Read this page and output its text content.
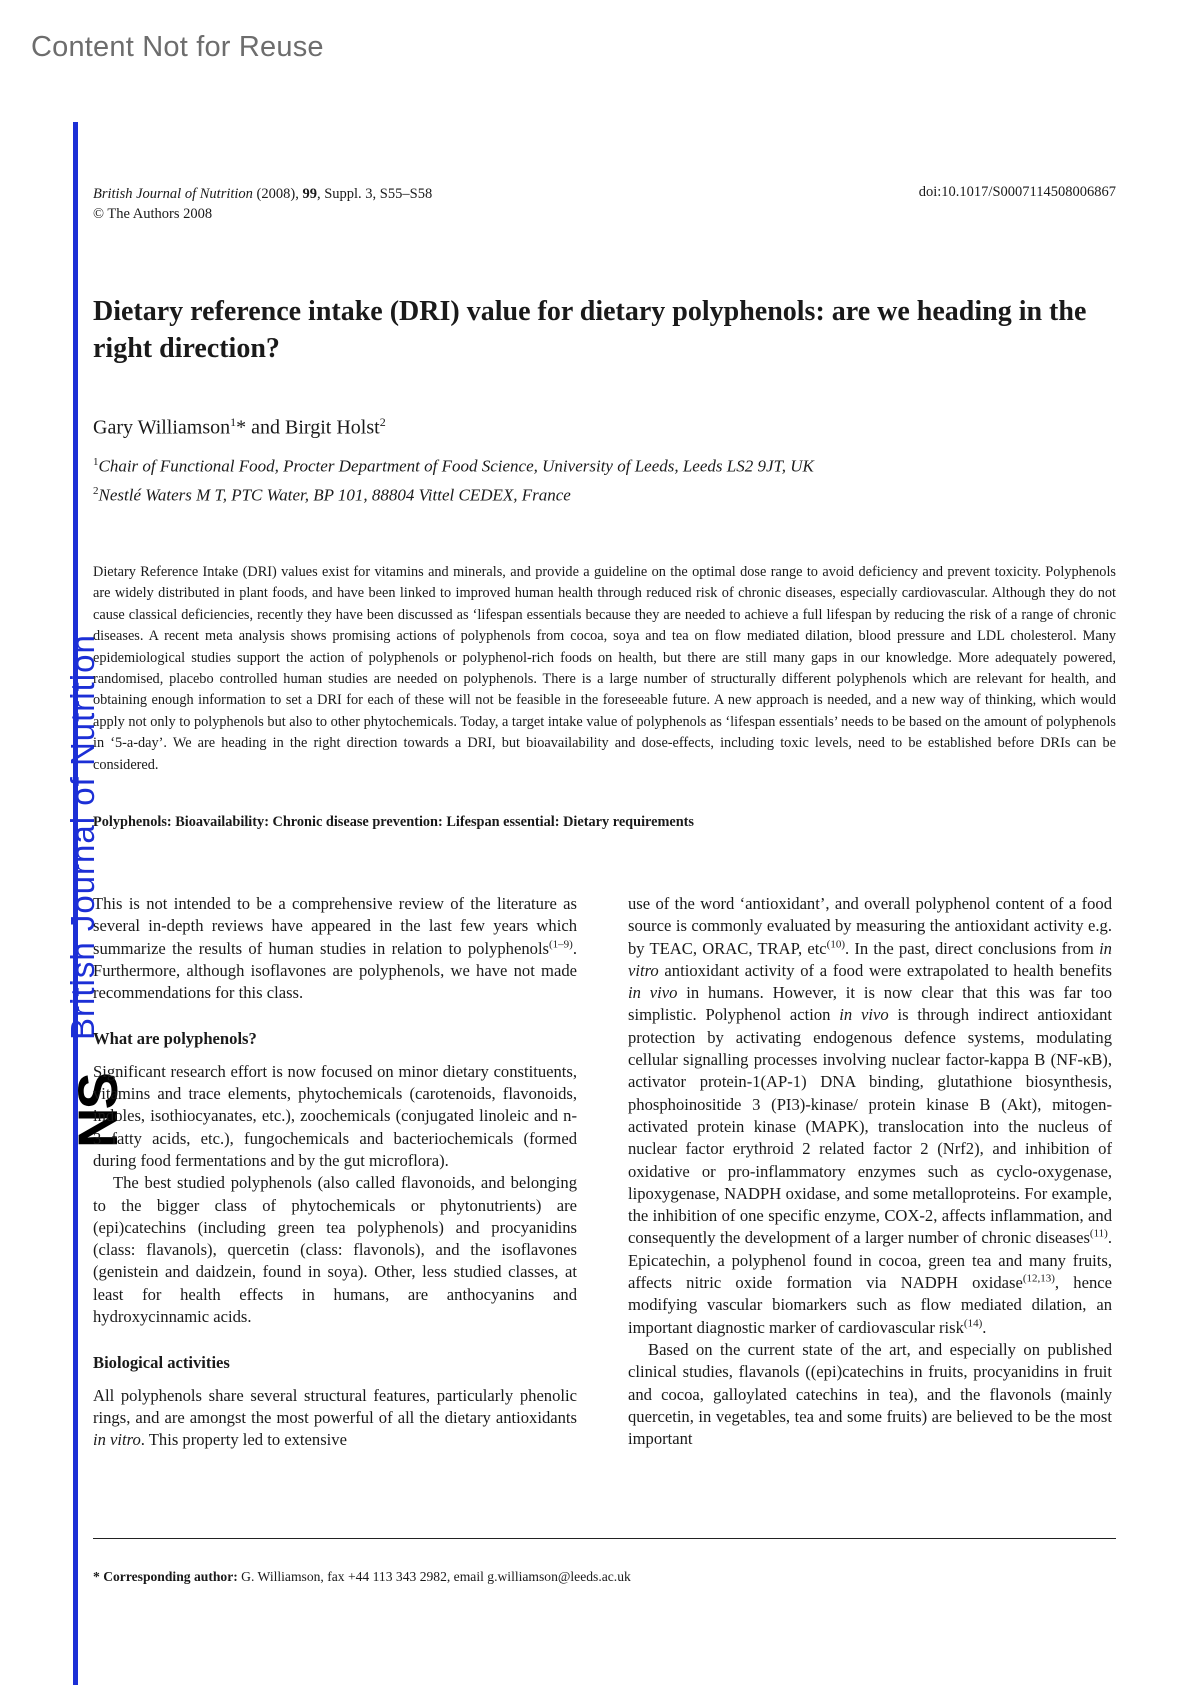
Content Not for Reuse
British Journal of Nutrition
NS
British Journal of Nutrition (2008), 99, Suppl. 3, S55–S58
© The Authors 2008
doi:10.1017/S0007114508006867
Dietary reference intake (DRI) value for dietary polyphenols: are we heading in the right direction?
Gary Williamson$^1$* and Birgit Holst$^2$
$^1$Chair of Functional Food, Procter Department of Food Science, University of Leeds, Leeds LS2 9JT, UK
$^2$Nestlé Waters M T, PTC Water, BP 101, 88804 Vittel CEDEX, France
Dietary Reference Intake (DRI) values exist for vitamins and minerals, and provide a guideline on the optimal dose range to avoid deficiency and prevent toxicity. Polyphenols are widely distributed in plant foods, and have been linked to improved human health through reduced risk of chronic diseases, especially cardiovascular. Although they do not cause classical deficiencies, recently they have been discussed as ‘lifespan essentials because they are needed to achieve a full lifespan by reducing the risk of a range of chronic diseases. A recent meta analysis shows promising actions of polyphenols from cocoa, soya and tea on flow mediated dilation, blood pressure and LDL cholesterol. Many epidemiological studies support the action of polyphenols or polyphenol-rich foods on health, but there are still many gaps in our knowledge. More adequately powered, randomised, placebo controlled human studies are needed on polyphenols. There is a large number of structurally different polyphenols which are relevant for health, and obtaining enough information to set a DRI for each of these will not be feasible in the foreseeable future. A new approach is needed, and a new way of thinking, which would apply not only to polyphenols but also to other phytochemicals. Today, a target intake value of polyphenols as ‘lifespan essentials’ needs to be based on the amount of polyphenols in ‘5-a-day’. We are heading in the right direction towards a DRI, but bioavailability and dose-effects, including toxic levels, need to be established before DRIs can be considered.
Polyphenols: Bioavailability: Chronic disease prevention: Lifespan essential: Dietary requirements

This is not intended to be a comprehensive review of the literature as several in-depth reviews have appeared in the last few years which summarize the results of human studies in relation to polyphenols$^{(1-9)}$. Furthermore, although isoflavones are polyphenols, we have not made recommendations for this class.

What are polyphenols?

Significant research effort is now focused on minor dietary constituents, vitamins and trace elements, phytochemicals (carotenoids, flavonoids, indoles, isothiocyanates, etc.), zoochemicals (conjugated linoleic and n-3 fatty acids, etc.), fungochemicals and bacteriochemicals (formed during food fermentations and by the gut microflora).

The best studied polyphenols (also called flavonoids, and belonging to the bigger class of phytochemicals or phytonutrients) are (epi)catechins (including green tea polyphenols) and procyanidins (class: flavanols), quercetin (class: flavonols), and the isoflavones (genistein and daidzein, found in soya). Other, less studied classes, at least for health effects in humans, are anthocyanins and hydroxycinnamic acids.

Biological activities

All polyphenols share several structural features, particularly phenolic rings, and are amongst the most powerful of all the dietary antioxidants in vitro. This property led to extensive

use of the word ‘antioxidant’, and overall polyphenol content of a food source is commonly evaluated by measuring the antioxidant activity e.g. by TEAC, ORAC, TRAP, etc$^{(10)}$. In the past, direct conclusions from in vitro antioxidant activity of a food were extrapolated to health benefits in vivo in humans. However, it is now clear that this was far too simplistic. Polyphenol action in vivo is through indirect antioxidant protection by activating endogenous defence systems, modulating cellular signalling processes involving nuclear factor-kappa B (NF-κB), activator protein-1(AP-1) DNA binding, glutathione biosynthesis, phosphoinositide 3 (PI3)-kinase/ protein kinase B (Akt), mitogen-activated protein kinase (MAPK), translocation into the nucleus of nuclear factor erythroid 2 related factor 2 (Nrf2), and inhibition of oxidative or pro-inflammatory enzymes such as cyclo-oxygenase, lipoxygenase, NADPH oxidase, and some metalloproteins. For example, the inhibition of one specific enzyme, COX-2, affects inflammation, and consequently the development of a larger number of chronic diseases$^{(11)}$. Epicatechin, a polyphenol found in cocoa, green tea and many fruits, affects nitric oxide formation via NADPH oxidase$^{(12,13)}$, hence modifying vascular biomarkers such as flow mediated dilation, an important diagnostic marker of cardiovascular risk$^{(14)}$.

Based on the current state of the art, and especially on published clinical studies, flavanols ((epi)catechins in fruits, procyanidins in fruit and cocoa, galloylated catechins in tea), and the flavonols (mainly quercetin, in vegetables, tea and some fruits) are believed to be the most important

* Corresponding author: G. Williamson, fax +44 113 343 2982, email g.williamson@leeds.ac.uk
